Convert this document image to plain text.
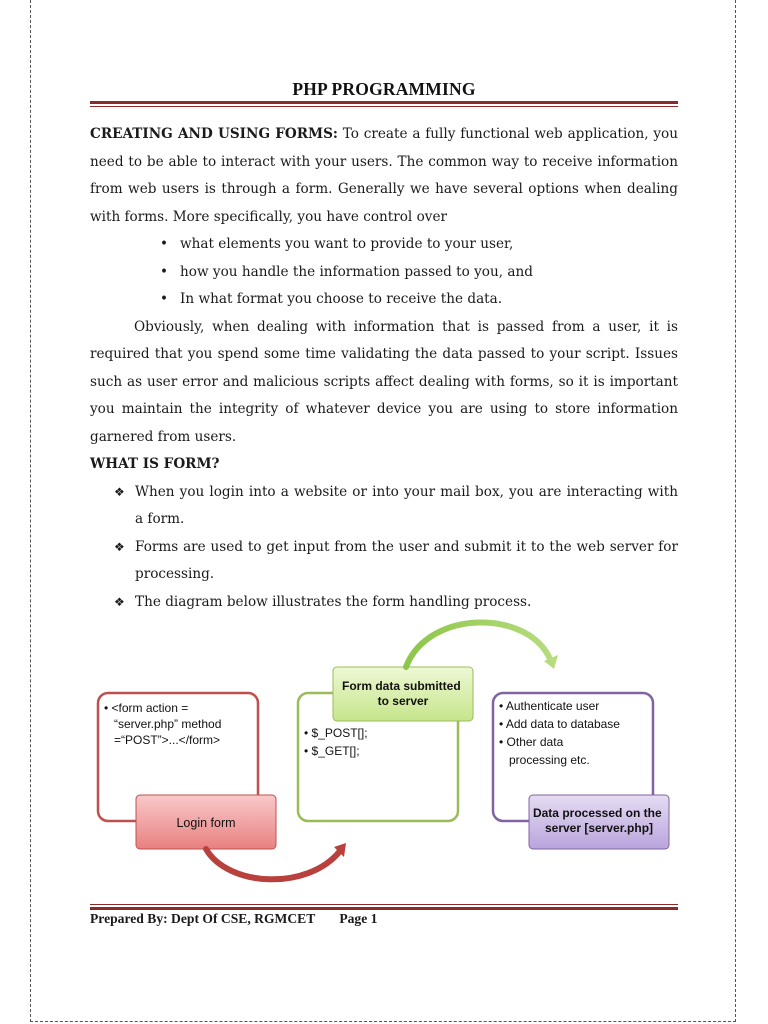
PHP PROGRAMMING
CREATING AND USING FORMS: To create a fully functional web application, you need to be able to interact with your users. The common way to receive information from web users is through a form. Generally we have several options when dealing with forms. More specifically, you have control over
• what elements you want to provide to your user,
• how you handle the information passed to you, and
• In what format you choose to receive the data.
Obviously, when dealing with information that is passed from a user, it is required that you spend some time validating the data passed to your script. Issues such as user error and malicious scripts affect dealing with forms, so it is important you maintain the integrity of whatever device you are using to store information garnered from users.
WHAT IS FORM?
❖ When you login into a website or into your mail box, you are interacting with a form.
❖ Forms are used to get input from the user and submit it to the web server for processing.
❖ The diagram below illustrates the form handling process.
• <form action = “server.php” method =“POST”>...</form>
Login form
• $_POST[]; • $_GET[];
Form data submitted to server	• Authenticate user • Add data to database • Other data processing etc.
Data processed on the server [server.php]
Prepared By: Dept Of CSE, RGMCET Page 1
